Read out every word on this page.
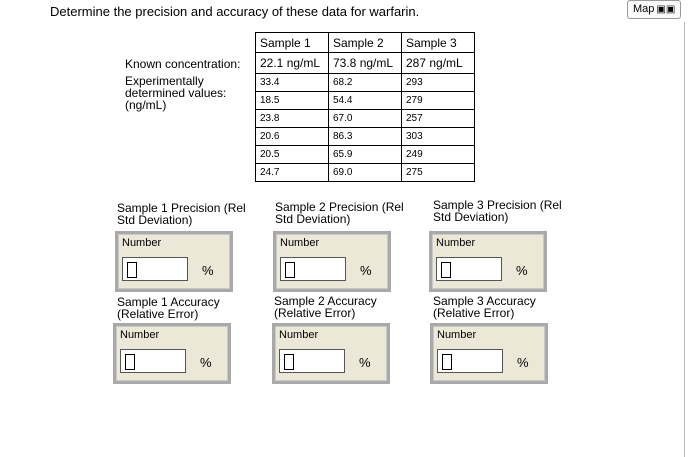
Determine the precision and accuracy of these data for warfarin.	Map ▣▣
Known concentration:
Experimentally determined values: (ng/mL)
Sample 1	Sample 2	Sample 3
22.1 ng/mL	73.8 ng/mL	287 ng/mL
33.4	68.2	293
18.5	54.4	279
23.8	67.0	257
20.6	86.3	303
20.5	65.9	249
24.7	69.0	275
Sample 1 Precision (Rel Std Deviation)
Sample 2 Precision (Rel Std Deviation)
Sample 3 Precision (Rel Std Deviation)
Number
%
Number
%
Number
%
Sample 1 Accuracy (Relative Error)
Sample 2 Accuracy (Relative Error)
Sample 3 Accuracy (Relative Error)
Number
%
Number
%
Number
%
